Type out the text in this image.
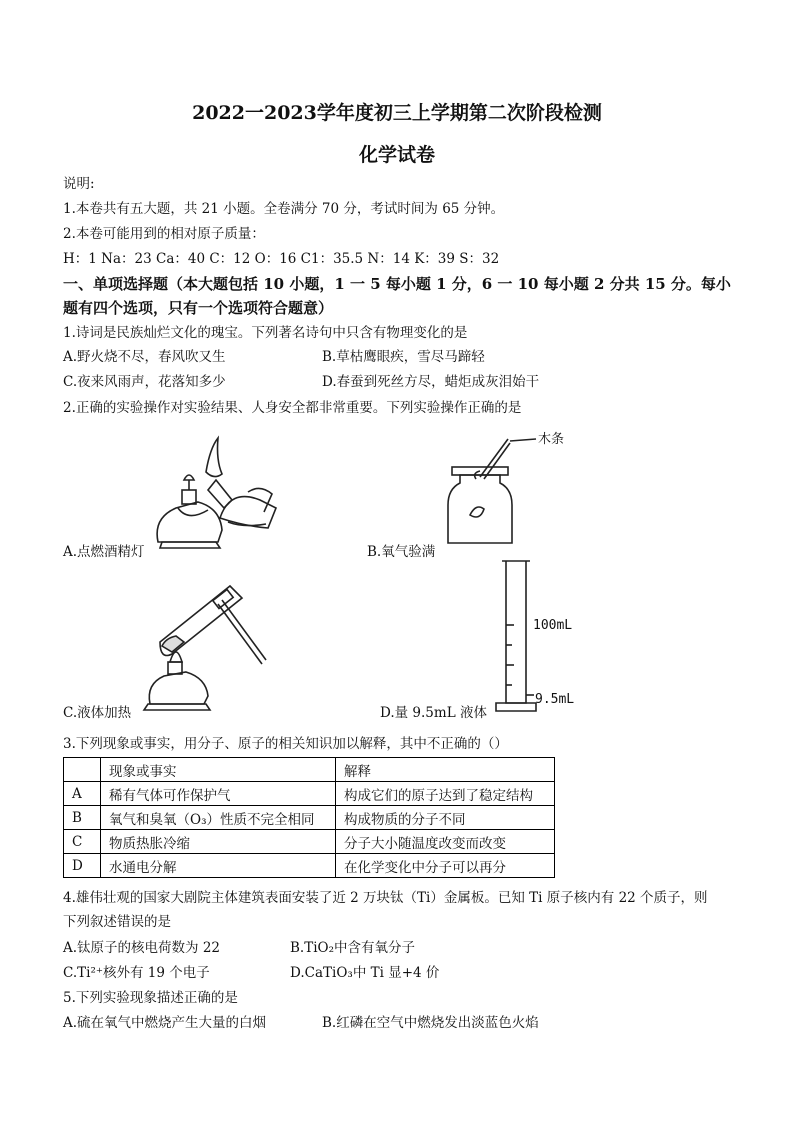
2022一2023学年度初三上学期第二次阶段检测
化学试卷
说明:
1.本卷共有五大题，共 21 小题。全卷满分 70 分，考试时间为 65 分钟。
2.本卷可能用到的相对原子质量：
H：1 Na：23 Ca：40 C：12 O：16 C1：35.5 N：14 K：39 S：32
一、单项选择题（本大题包括 10 小题，1 一 5 每小题 1 分，6 一 10 每小题 2 分共 15 分。每小
题有四个选项，只有一个选项符合题意）
1.诗词是民族灿烂文化的瑰宝。下列著名诗句中只含有物理变化的是
A.野火烧不尽，春风吹又生	B.草枯鹰眼疾，雪尽马蹄轻
C.夜来风雨声，花落知多少	D.春蚕到死丝方尽，蜡炬成灰泪始干
2.正确的实验操作对实验结果、人身安全都非常重要。下列实验操作正确的是
A.点燃酒精灯
木条
B.氧气验满
C.液体加热
100mL
9.5mL
D.量 9.5mL 液体
3.下列现象或事实，用分子、原子的相关知识加以解释，其中不正确的（）
	现象或事实	解释
A	稀有气体可作保护气	构成它们的原子达到了稳定结构
B	氧气和臭氧（O₃）性质不完全相同	构成物质的分子不同
C	物质热胀冷缩	分子大小随温度改变而改变
D	水通电分解	在化学变化中分子可以再分
4.雄伟壮观的国家大剧院主体建筑表面安装了近 2 万块钛（Ti）金属板。已知 Ti 原子核内有 22 个质子，则
下列叙述错误的是
A.钛原子的核电荷数为 22	B.TiO₂中含有氧分子
C.Ti²⁺核外有 19 个电子	D.CaTiO₃中 Ti 显+4 价
5.下列实验现象描述正确的是
A.硫在氧气中燃烧产生大量的白烟	B.红磷在空气中燃烧发出淡蓝色火焰
